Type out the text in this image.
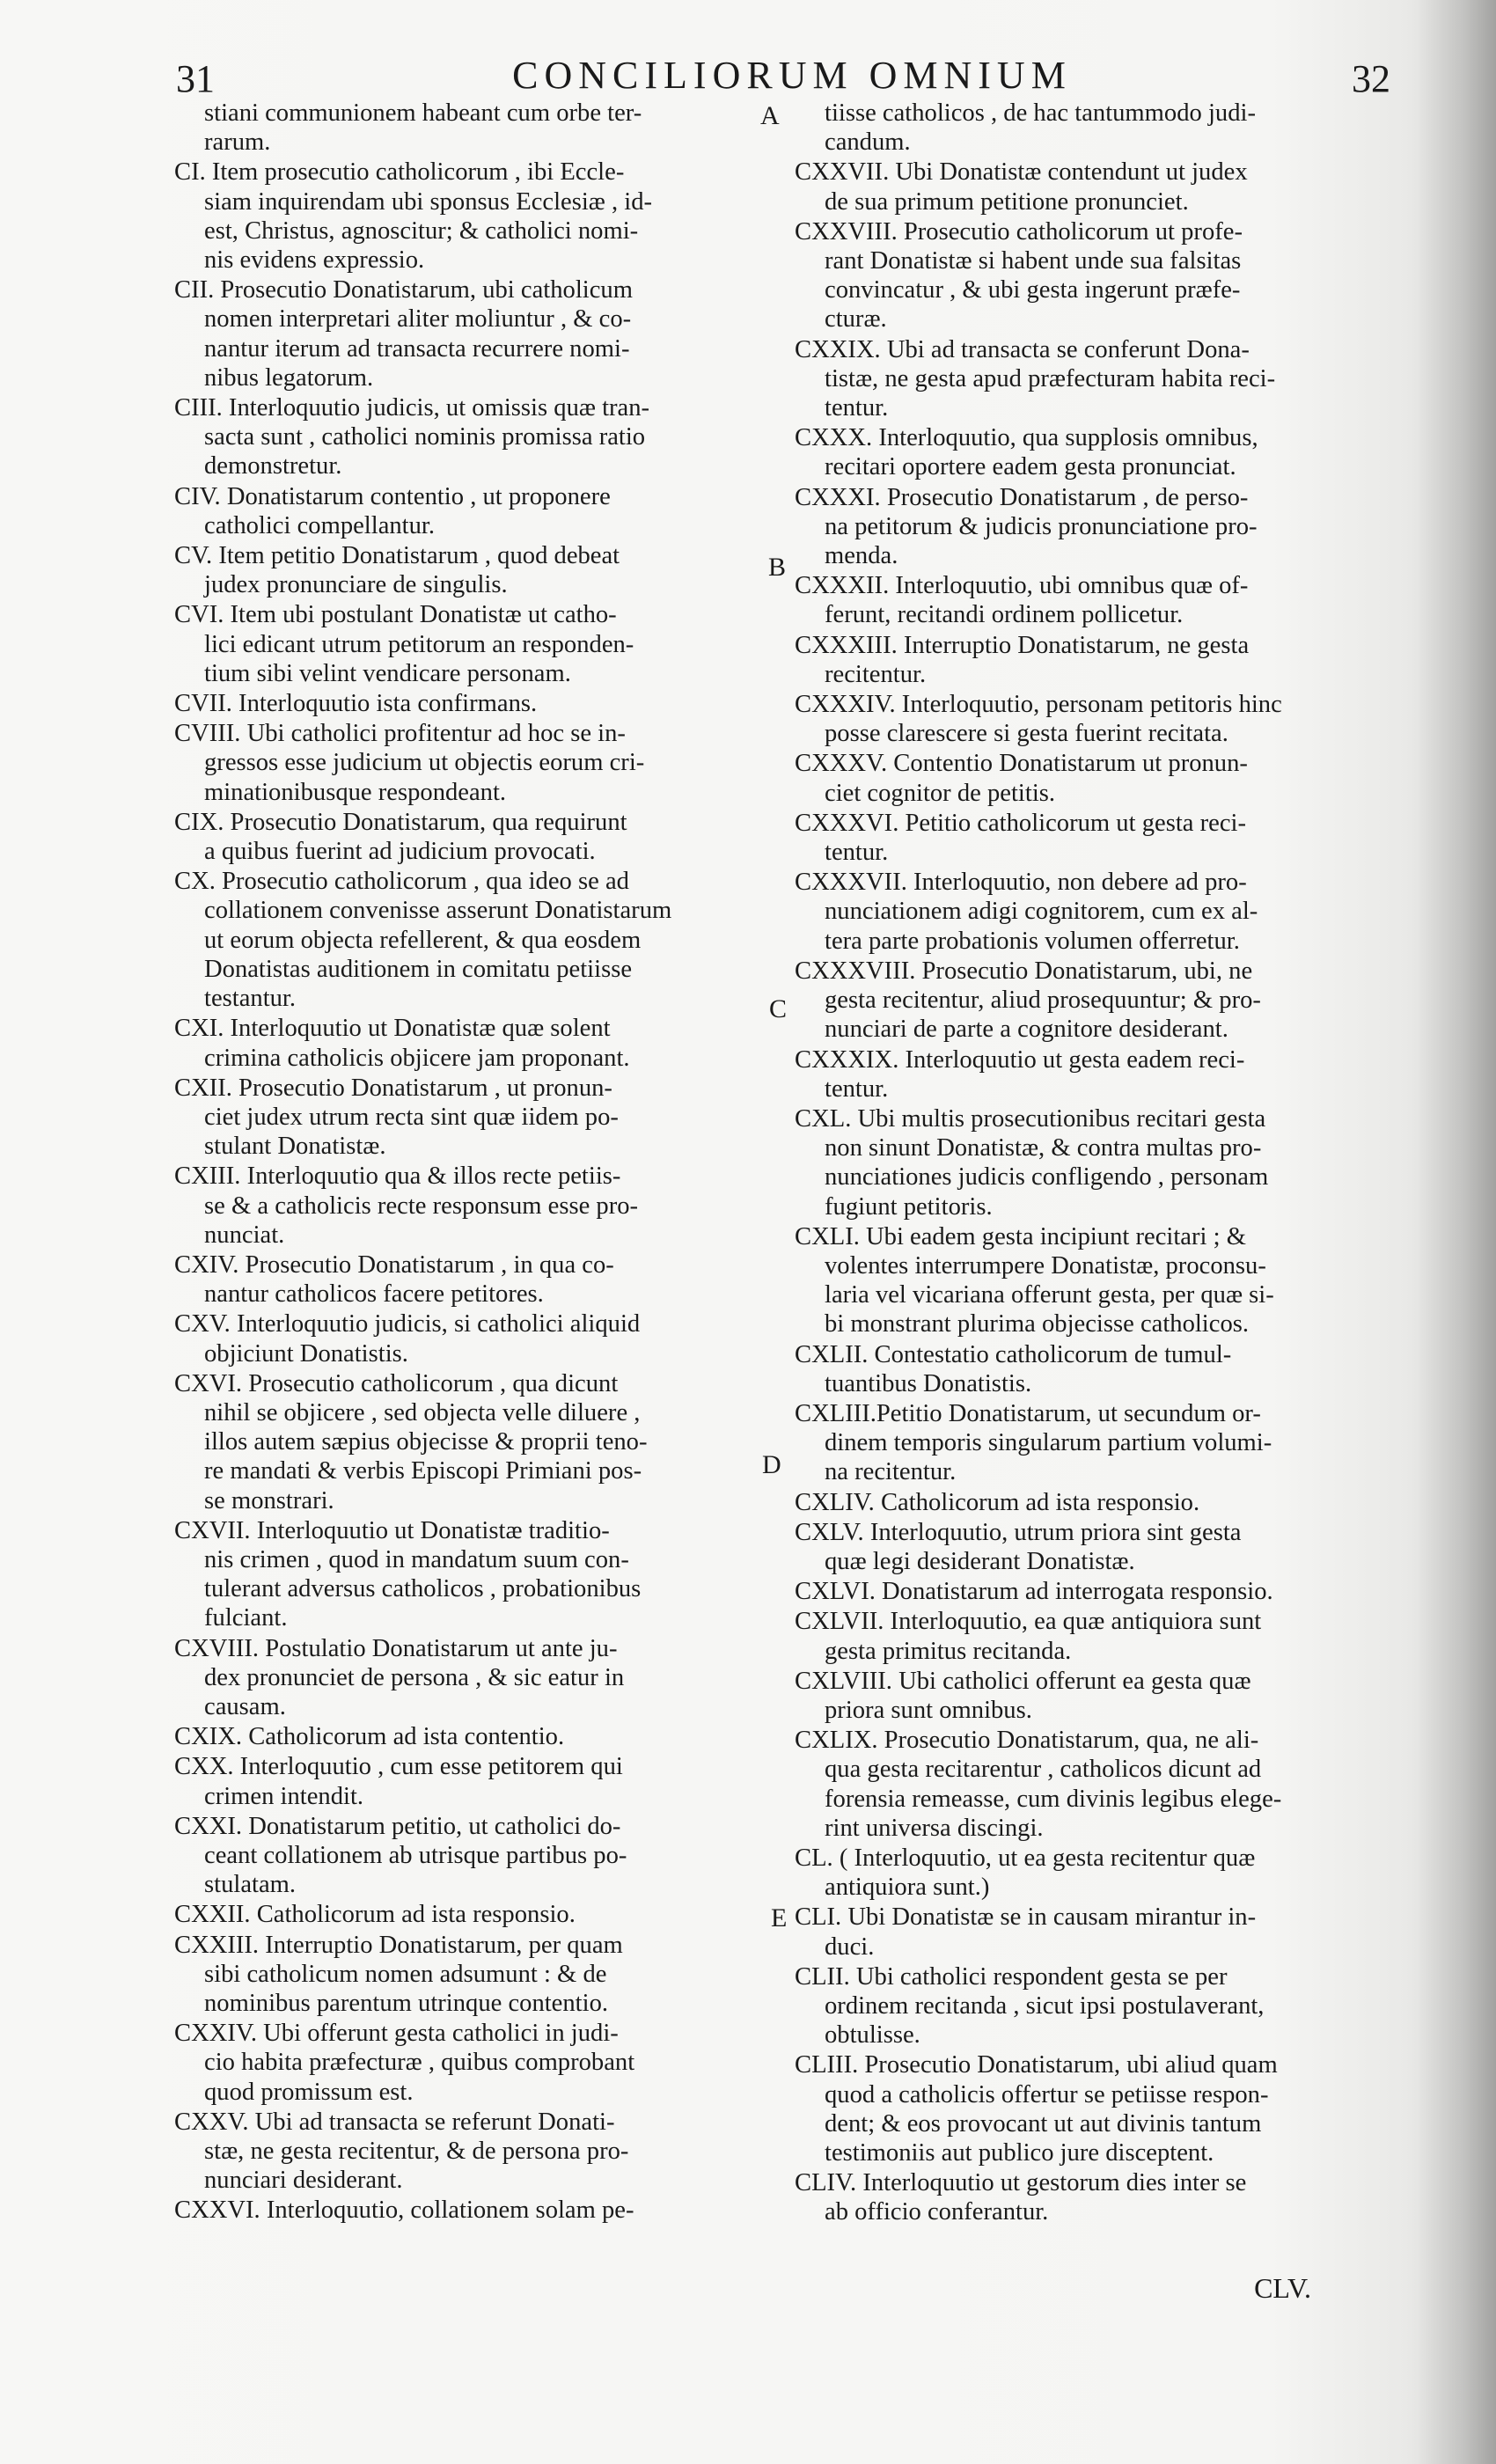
31	CONCILIORUM OMNIUM	32
stiani communionem habeant cum orbe ter-
rarum.
CI. Item prosecutio catholicorum , ibi Eccle-
siam inquirendam ubi sponsus Ecclesiæ , id-
est, Christus, agnoscitur; & catholici nomi-
nis evidens expressio.
CII. Prosecutio Donatistarum, ubi catholicum
nomen interpretari aliter moliuntur , & co-
nantur iterum ad transacta recurrere nomi-
nibus legatorum.
CIII. Interloquutio judicis, ut omissis quæ tran-
sacta sunt , catholici nominis promissa ratio
demonstretur.
CIV. Donatistarum contentio , ut proponere
catholici compellantur.
CV. Item petitio Donatistarum , quod debeat
judex pronunciare de singulis.
CVI. Item ubi postulant Donatistæ ut catho-
lici edicant utrum petitorum an responden-
tium sibi velint vendicare personam.
CVII. Interloquutio ista confirmans.
CVIII. Ubi catholici profitentur ad hoc se in-
gressos esse judicium ut objectis eorum cri-
minationibusque respondeant.
CIX. Prosecutio Donatistarum, qua requirunt
a quibus fuerint ad judicium provocati.
CX. Prosecutio catholicorum , qua ideo se ad
collationem convenisse asserunt Donatistarum
ut eorum objecta refellerent, & qua eosdem
Donatistas auditionem in comitatu petiisse
testantur.
CXI. Interloquutio ut Donatistæ quæ solent
crimina catholicis objicere jam proponant.
CXII. Prosecutio Donatistarum , ut pronun-
ciet judex utrum recta sint quæ iidem po-
stulant Donatistæ.
CXIII. Interloquutio qua & illos recte petiis-
se & a catholicis recte responsum esse pro-
nunciat.
CXIV. Prosecutio Donatistarum , in qua co-
nantur catholicos facere petitores.
CXV. Interloquutio judicis, si catholici aliquid
objiciunt Donatistis.
CXVI. Prosecutio catholicorum , qua dicunt
nihil se objicere , sed objecta velle diluere ,
illos autem sæpius objecisse & proprii teno-
re mandati & verbis Episcopi Primiani pos-
se monstrari.
CXVII. Interloquutio ut Donatistæ traditio-
nis crimen , quod in mandatum suum con-
tulerant adversus catholicos , probationibus
fulciant.
CXVIII. Postulatio Donatistarum ut ante ju-
dex pronunciet de persona , & sic eatur in
causam.
CXIX. Catholicorum ad ista contentio.
CXX. Interloquutio , cum esse petitorem qui
crimen intendit.
CXXI. Donatistarum petitio, ut catholici do-
ceant collationem ab utrisque partibus po-
stulatam.
CXXII. Catholicorum ad ista responsio.
CXXIII. Interruptio Donatistarum, per quam
sibi catholicum nomen adsumunt : & de
nominibus parentum utrinque contentio.
CXXIV. Ubi offerunt gesta catholici in judi-
cio habita præfecturæ , quibus comprobant
quod promissum est.
CXXV. Ubi ad transacta se referunt Donati-
stæ, ne gesta recitentur, & de persona pro-
nunciari desiderant.
CXXVI. Interloquutio, collationem solam pe-
tiisse catholicos , de hac tantummodo judi-
candum.
CXXVII. Ubi Donatistæ contendunt ut judex
de sua primum petitione pronunciet.
CXXVIII. Prosecutio catholicorum ut profe-
rant Donatistæ si habent unde sua falsitas
convincatur , & ubi gesta ingerunt præfe-
cturæ.
CXXIX. Ubi ad transacta se conferunt Dona-
tistæ, ne gesta apud præfecturam habita reci-
tentur.
CXXX. Interloquutio, qua supplosis omnibus,
recitari oportere eadem gesta pronunciat.
CXXXI. Prosecutio Donatistarum , de perso-
na petitorum & judicis pronunciatione pro-
menda.
CXXXII. Interloquutio, ubi omnibus quæ of-
ferunt, recitandi ordinem pollicetur.
CXXXIII. Interruptio Donatistarum, ne gesta
recitentur.
CXXXIV. Interloquutio, personam petitoris hinc
posse clarescere si gesta fuerint recitata.
CXXXV. Contentio Donatistarum ut pronun-
ciet cognitor de petitis.
CXXXVI. Petitio catholicorum ut gesta reci-
tentur.
CXXXVII. Interloquutio, non debere ad pro-
nunciationem adigi cognitorem, cum ex al-
tera parte probationis volumen offerretur.
CXXXVIII. Prosecutio Donatistarum, ubi, ne
gesta recitentur, aliud prosequuntur; & pro-
nunciari de parte a cognitore desiderant.
CXXXIX. Interloquutio ut gesta eadem reci-
tentur.
CXL. Ubi multis prosecutionibus recitari gesta
non sinunt Donatistæ, & contra multas pro-
nunciationes judicis confligendo , personam
fugiunt petitoris.
CXLI. Ubi eadem gesta incipiunt recitari ; &
volentes interrumpere Donatistæ, proconsu-
laria vel vicariana offerunt gesta, per quæ si-
bi monstrant plurima objecisse catholicos.
CXLII. Contestatio catholicorum de tumul-
tuantibus Donatistis.
CXLIII.Petitio Donatistarum, ut secundum or-
dinem temporis singularum partium volumi-
na recitentur.
CXLIV. Catholicorum ad ista responsio.
CXLV. Interloquutio, utrum priora sint gesta
quæ legi desiderant Donatistæ.
CXLVI. Donatistarum ad interrogata responsio.
CXLVII. Interloquutio, ea quæ antiquiora sunt
gesta primitus recitanda.
CXLVIII. Ubi catholici offerunt ea gesta quæ
priora sunt omnibus.
CXLIX. Prosecutio Donatistarum, qua, ne ali-
qua gesta recitarentur , catholicos dicunt ad
forensia remeasse, cum divinis legibus elege-
rint universa discingi.
CL. ( Interloquutio, ut ea gesta recitentur quæ
antiquiora sunt.)
CLI. Ubi Donatistæ se in causam mirantur in-
duci.
CLII. Ubi catholici respondent gesta se per
ordinem recitanda , sicut ipsi postulaverant,
obtulisse.
CLIII. Prosecutio Donatistarum, ubi aliud quam
quod a catholicis offertur se petiisse respon-
dent; & eos provocant ut aut divinis tantum
testimoniis aut publico jure disceptent.
CLIV. Interloquutio ut gestorum dies inter se
ab officio conferantur.
A
B
C
D
E
CLV.
